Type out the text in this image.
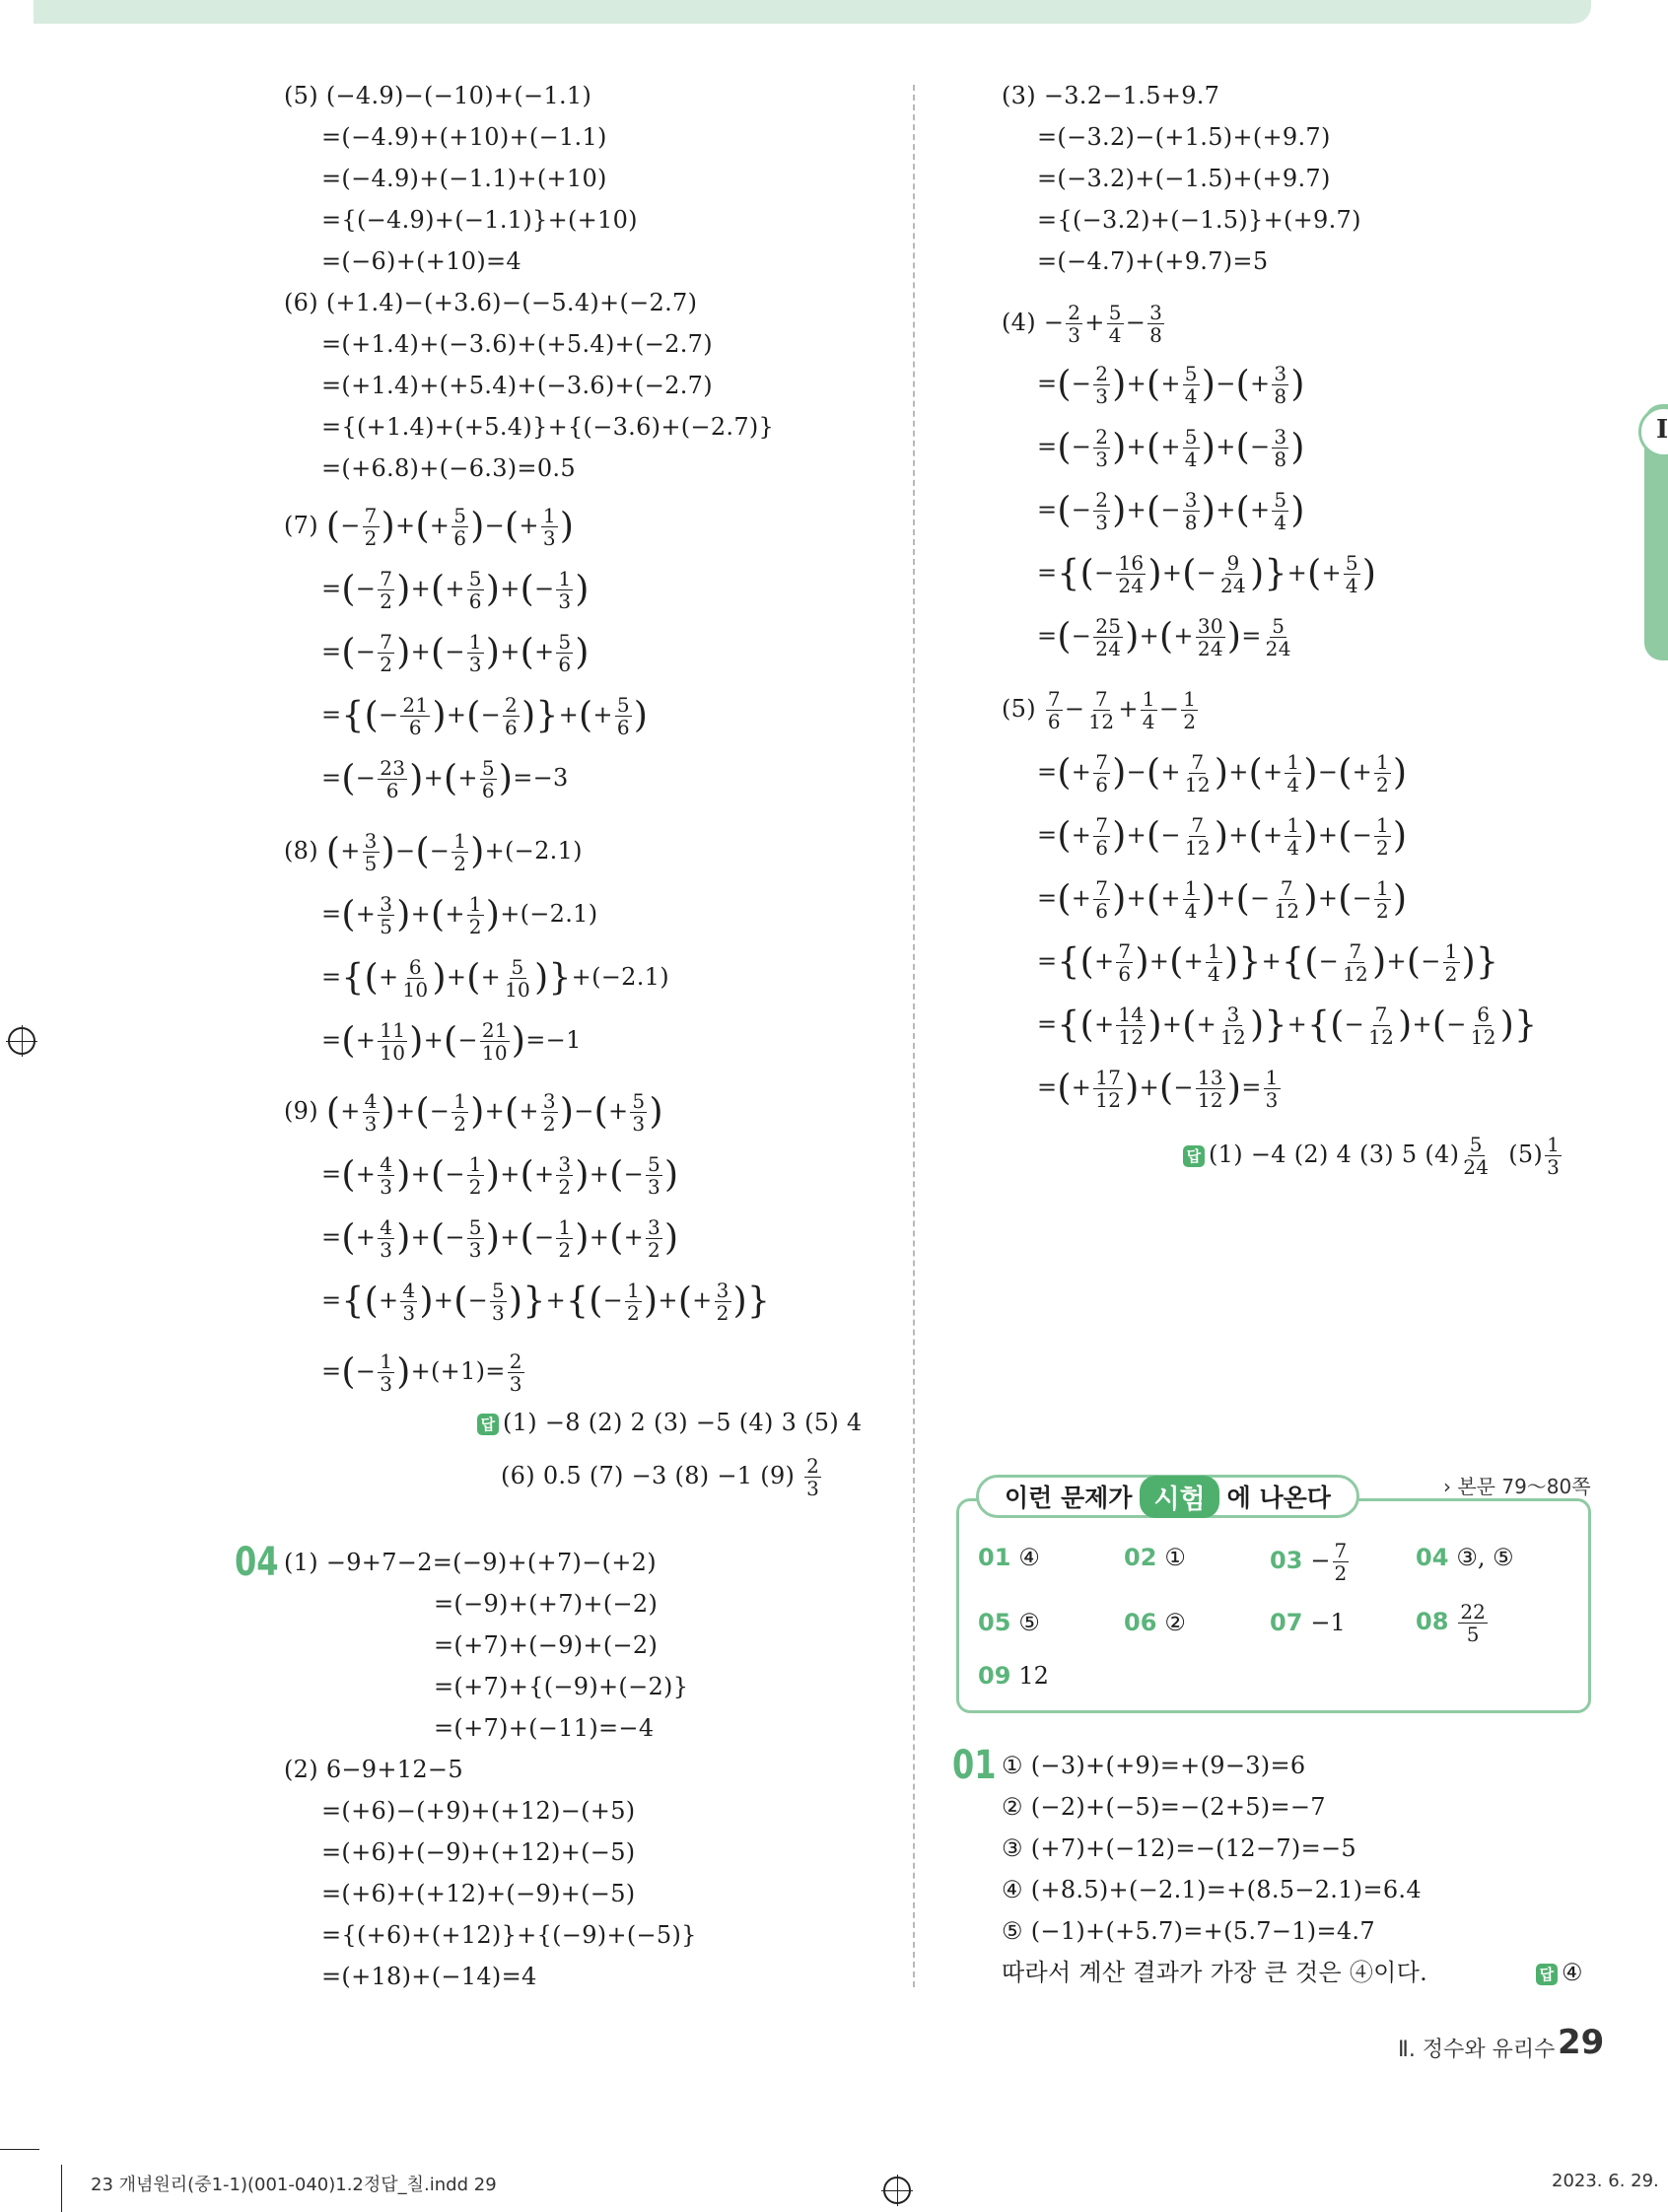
I
(5) (−4.9)−(−10)+(−1.1)
=(−4.9)+(+10)+(−1.1)
=(−4.9)+(−1.1)+(+10)
={(−4.9)+(−1.1)}+(+10)
=(−6)+(+10)=4
(6) (+1.4)−(+3.6)−(−5.4)+(−2.7)
=(+1.4)+(−3.6)+(+5.4)+(−2.7)
=(+1.4)+(+5.4)+(−3.6)+(−2.7)
={(+1.4)+(+5.4)}+{(−3.6)+(−2.7)}
=(+6.8)+(−6.3)=0.5
(7) (− $\frac{7}{2}$ )+(+ $\frac{5}{6}$ )−(+ $\frac{1}{3}$ )
=(− $\frac{7}{2}$ )+(+ $\frac{5}{6}$ )+(− $\frac{1}{3}$ )
=(− $\frac{7}{2}$ )+(− $\frac{1}{3}$ )+(+ $\frac{5}{6}$ )
={(− $\frac{21}{6}$ )+(− $\frac{2}{6}$ )}+(+ $\frac{5}{6}$ )
=(− $\frac{23}{6}$ )+(+ $\frac{5}{6} )=-3$
(8) (+ $\frac{3}{5}$ )−(− $\frac{1}{2} )+(-2.1)$
=(+ $\frac{3}{5}$ )+(+ $\frac{1}{2} )+(-2.1)$
={(+ $\frac{6}{10}$ )+(+ $\frac{5}{10} )\}+(-2.1)$
=(+ $\frac{11}{10}$ )+(− $\frac{21}{10} )=-1$
(9) (+ $\frac{4}{3}$ )+(− $\frac{1}{2}$ )+(+ $\frac{3}{2}$ )−(+ $\frac{5}{3}$ )
=(+ $\frac{4}{3}$ )+(− $\frac{1}{2}$ )+(+ $\frac{3}{2}$ )+(− $\frac{5}{3}$ )
=(+ $\frac{4}{3}$ )+(− $\frac{5}{3}$ )+(− $\frac{1}{2}$ )+(+ $\frac{3}{2}$ )
={(+ $\frac{4}{3}$ )+(− $\frac{5}{3}$ )}+{(− $\frac{1}{2}$ )+(+ $\frac{3}{2}$ )}
=(− $\frac{1}{3} )+(+1)= \frac{2}{3}$
답 (1) −8 (2) 2 (3) −5 (4) 3 (5) 4
(6) 0.5 (7) −3 (8) −1 $(9) \frac{2}{3}$
04 (1) −9+7−2=(−9)+(+7)−(+2)
=(−9)+(+7)+(−2)
=(+7)+(−9)+(−2)
=(+7)+{(−9)+(−2)}
=(+7)+(−11)=−4
(2) 6−9+12−5
=(+6)−(+9)+(+12)−(+5)
=(+6)+(−9)+(+12)+(−5)
=(+6)+(+12)+(−9)+(−5)
={(+6)+(+12)}+{(−9)+(−5)}
=(+18)+(−14)=4
(3) −3.2−1.5+9.7
=(−3.2)−(+1.5)+(+9.7)
=(−3.2)+(−1.5)+(+9.7)
={(−3.2)+(−1.5)}+(+9.7)
=(−4.7)+(+9.7)=5
$(4) - \frac{2}{3} + \frac{5}{4} - \frac{3}{8}$
=(− $\frac{2}{3}$ )+(+ $\frac{5}{4}$ )−(+ $\frac{3}{8}$ )
=(− $\frac{2}{3}$ )+(+ $\frac{5}{4}$ )+(− $\frac{3}{8}$ )
=(− $\frac{2}{3}$ )+(− $\frac{3}{8}$ )+(+ $\frac{5}{4}$ )
={(− $\frac{16}{24}$ )+(− $\frac{9}{24}$ )}+(+ $\frac{5}{4}$ )
=(− $\frac{25}{24}$ )+(+ $\frac{30}{24}$ )= $\frac{5}{24}$
$(5) \frac{7}{6} - \frac{7}{12} + \frac{1}{4} - \frac{1}{2}$
=(+ $\frac{7}{6}$ )−(+ $\frac{7}{12}$ )+(+ $\frac{1}{4}$ )−(+ $\frac{1}{2}$ )
=(+ $\frac{7}{6}$ )+(− $\frac{7}{12}$ )+(+ $\frac{1}{4}$ )+(− $\frac{1}{2}$ )
=(+ $\frac{7}{6}$ )+(+ $\frac{1}{4}$ )+(− $\frac{7}{12}$ )+(− $\frac{1}{2}$ )
={(+ $\frac{7}{6}$ )+(+ $\frac{1}{4}$ )}+{(− $\frac{7}{12}$ )+(− $\frac{1}{2}$ )}
={(+ $\frac{14}{12}$ )+(+ $\frac{3}{12}$ )}+{(− $\frac{7}{12}$ )+(− $\frac{6}{12}$ )}
=(+ $\frac{17}{12}$ )+(− $\frac{13}{12}$ )= $\frac{1}{3}$
답 (1) −4 (2) 4 (3) 5 $(4) \frac{5}{24} (5) \frac{1}{3}$
이런 문제가 시험 에 나온다	› 본문 79～80쪽
01 ④	02 ①	$03 - \frac{7}{2}$	04 ③, ⑤
05 ⑤	06 ②	07 −1	$08 \frac{22}{5}$
09 12
01 ① (−3)+(+9)=+(9−3)=6
② (−2)+(−5)=−(2+5)=−7
③ (+7)+(−12)=−(12−7)=−5
④ (+8.5)+(−2.1)=+(8.5−2.1)=6.4
⑤ (−1)+(+5.7)=+(5.7−1)=4.7
따라서 계산 결과가 가장 큰 것은 ④이다.	답 ④
Ⅱ. 정수와 유리수 29
23 개념원리(중1-1)(001-040)1.2정답_칠.indd 29	2023. 6. 29.
